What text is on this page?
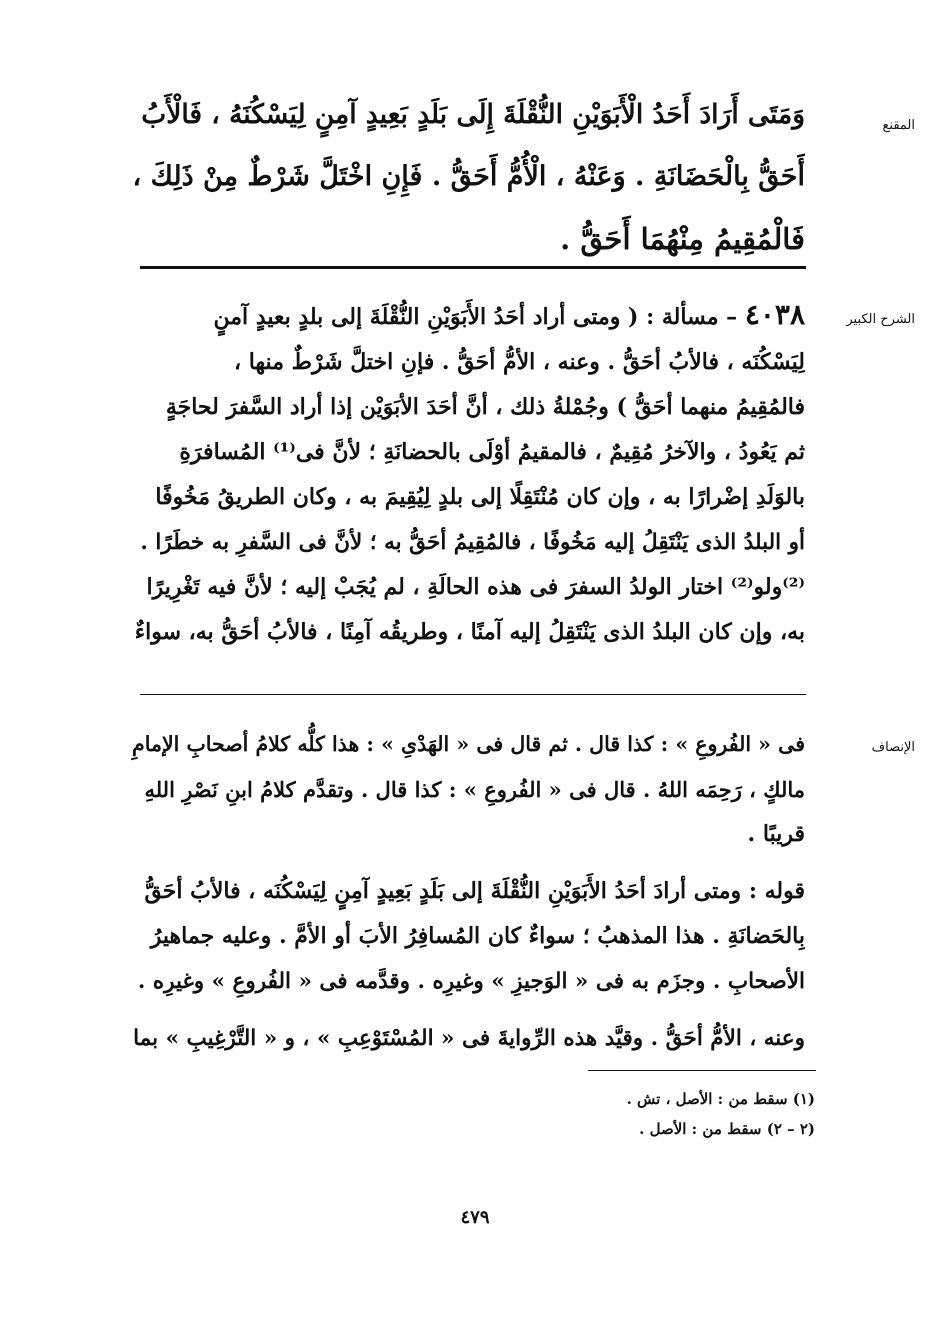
المقنع
وَمَتَى أَرَادَ أَحَدُ الْأَبَوَيْنِ النُّقْلَةَ إِلَى بَلَدٍ بَعِيدٍ آمِنٍ لِيَسْكُنَهُ ، فَالْأَبُ
أَحَقُّ بِالْحَضَانَةِ . وَعَنْهُ ، الْأُمُّ أَحَقُّ . فَإِنِ اخْتَلَّ شَرْطٌ مِنْ ذَلِكَ ،
فَالْمُقِيمُ مِنْهُمَا أَحَقُّ .
الشرح الكبير
٤٠٣٨ – مسألة : ( ومتى أراد أحَدُ الأَبَوَيْنِ النُّقْلَةَ إلى بلدٍ بعيدٍ آمنٍ
لِيَسْكُنَه ، فالأبُ أحَقُّ . وعنه ، الأمُّ أحَقُّ . فإنِ اختلَّ شَرْطٌ منها ،
فالمُقِيمُ منهما أحَقُّ ) وجُمْلةُ ذلك ، أنَّ أحَدَ الأبَوَيْن إذا أراد السَّفرَ لحاجَةٍ
ثم يَعُودُ ، والآخرُ مُقِيمٌ ، فالمقيمُ أوْلَى بالحضانَةِ ؛ لأنَّ فى⁽¹⁾ المُسافرَةِ
بالوَلَدِ إضْرارًا به ، وإن كان مُنْتَقِلًا إلى بلدٍ لِيُقِيمَ به ، وكان الطريقُ مَخُوفًا
أو البلدُ الذى يَنْتَقِلُ إليه مَخُوفًا ، فالمُقِيمُ أحَقُّ به ؛ لأنَّ فى السَّفرِ به خطَرًا .
⁽²⁾ولو⁽²⁾ اختار الولدُ السفرَ فى هذه الحالَةِ ، لم يُجَبْ إليه ؛ لأنَّ فيه تَغْرِيرًا
به، وإن كان البلدُ الذى يَنْتَقِلُ إليه آمنًا ، وطريقُه آمِنًا ، فالأبُ أحَقُّ به، سواءٌ
الإنصاف
فى « الفُروعِ » : كذا قال . ثم قال فى « الهَدْىِ » : هذا كلُّه كلامُ أصحابِ الإمامِ
مالكٍ ، رَحِمَه اللهُ . قال فى « الفُروعِ » : كذا قال . وتقدَّم كلامُ ابنِ نَصْرِ اللهِ
قريبًا .
قوله : ومتى أرادَ أحَدُ الأَبَوَيْنِ النُّقْلَةَ إلى بَلَدٍ بَعِيدٍ آمِنٍ لِيَسْكُنَه ، فالأبُ أحَقُّ
بِالحَضانَةِ . هذا المذهبُ ؛ سواءٌ كان المُسافِرُ الأبَ أو الأمَّ . وعليه جماهيرُ
الأصحابِ . وجزَم به فى « الوَجيزِ » وغيرِه . وقدَّمه فى « الفُروعِ » وغيرِه .
وعنه ، الأمُّ أحَقُّ . وقيَّد هذه الرِّوايةَ فى « المُسْتَوْعِبِ » ، و « التَّرْغِيبِ » بما
(١) سقط من : الأصل ، تش .
(٢ – ٢) سقط من : الأصل .
٤٧٩
